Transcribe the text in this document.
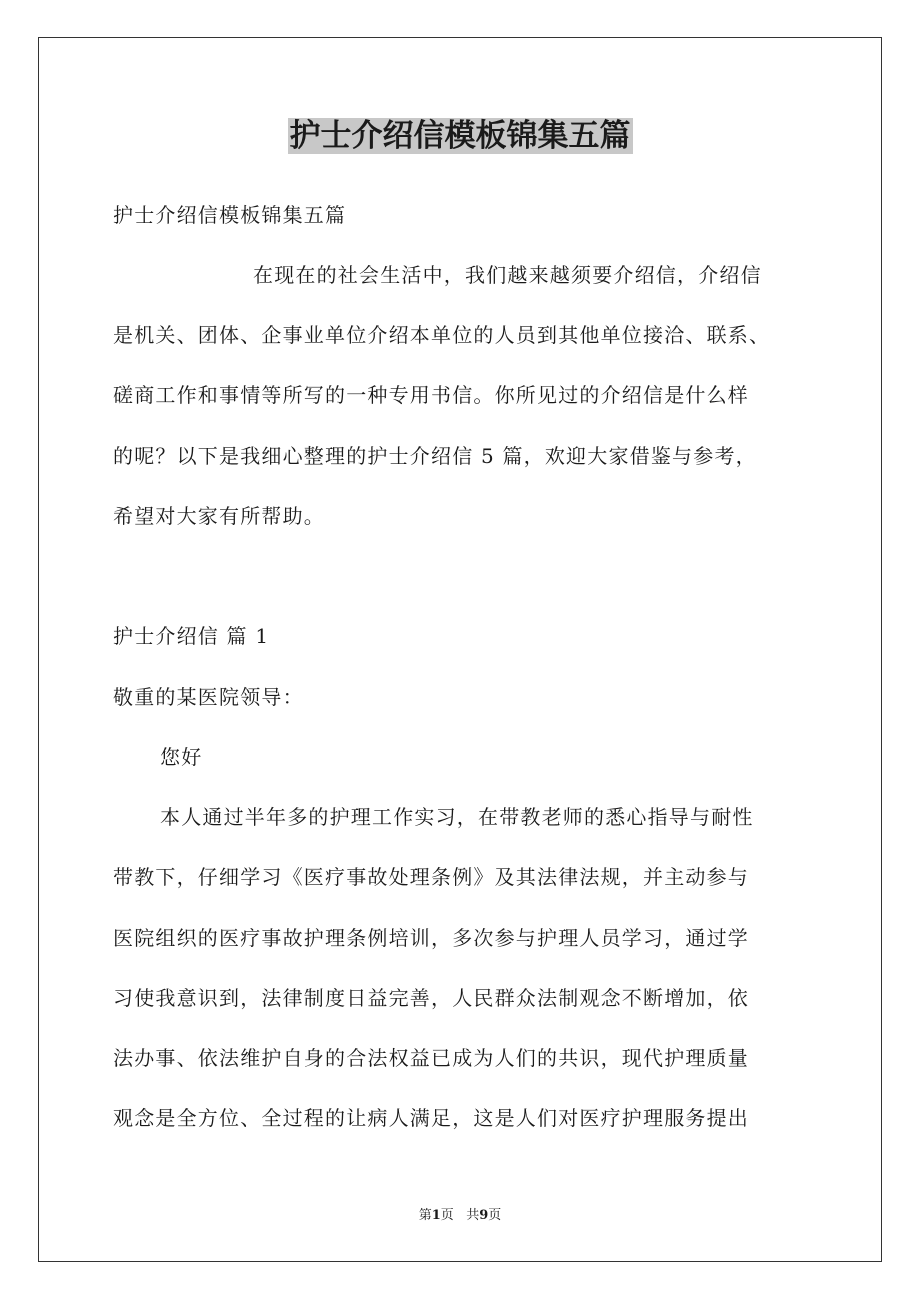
护士介绍信模板锦集五篇
护士介绍信模板锦集五篇
在现在的社会生活中，我们越来越须要介绍信，介绍信
是机关、团体、企事业单位介绍本单位的人员到其他单位接洽、联系、
磋商工作和事情等所写的一种专用书信。你所见过的介绍信是什么样
的呢？以下是我细心整理的护士介绍信 5 篇，欢迎大家借鉴与参考，
希望对大家有所帮助。
护士介绍信 篇 1
敬重的某医院领导：
您好
本人通过半年多的护理工作实习，在带教老师的悉心指导与耐性
带教下，仔细学习《医疗事故处理条例》及其法律法规，并主动参与
医院组织的医疗事故护理条例培训，多次参与护理人员学习，通过学
习使我意识到，法律制度日益完善，人民群众法制观念不断增加，依
法办事、依法维护自身的合法权益已成为人们的共识，现代护理质量
观念是全方位、全过程的让病人满足，这是人们对医疗护理服务提出
第1页   共9页
